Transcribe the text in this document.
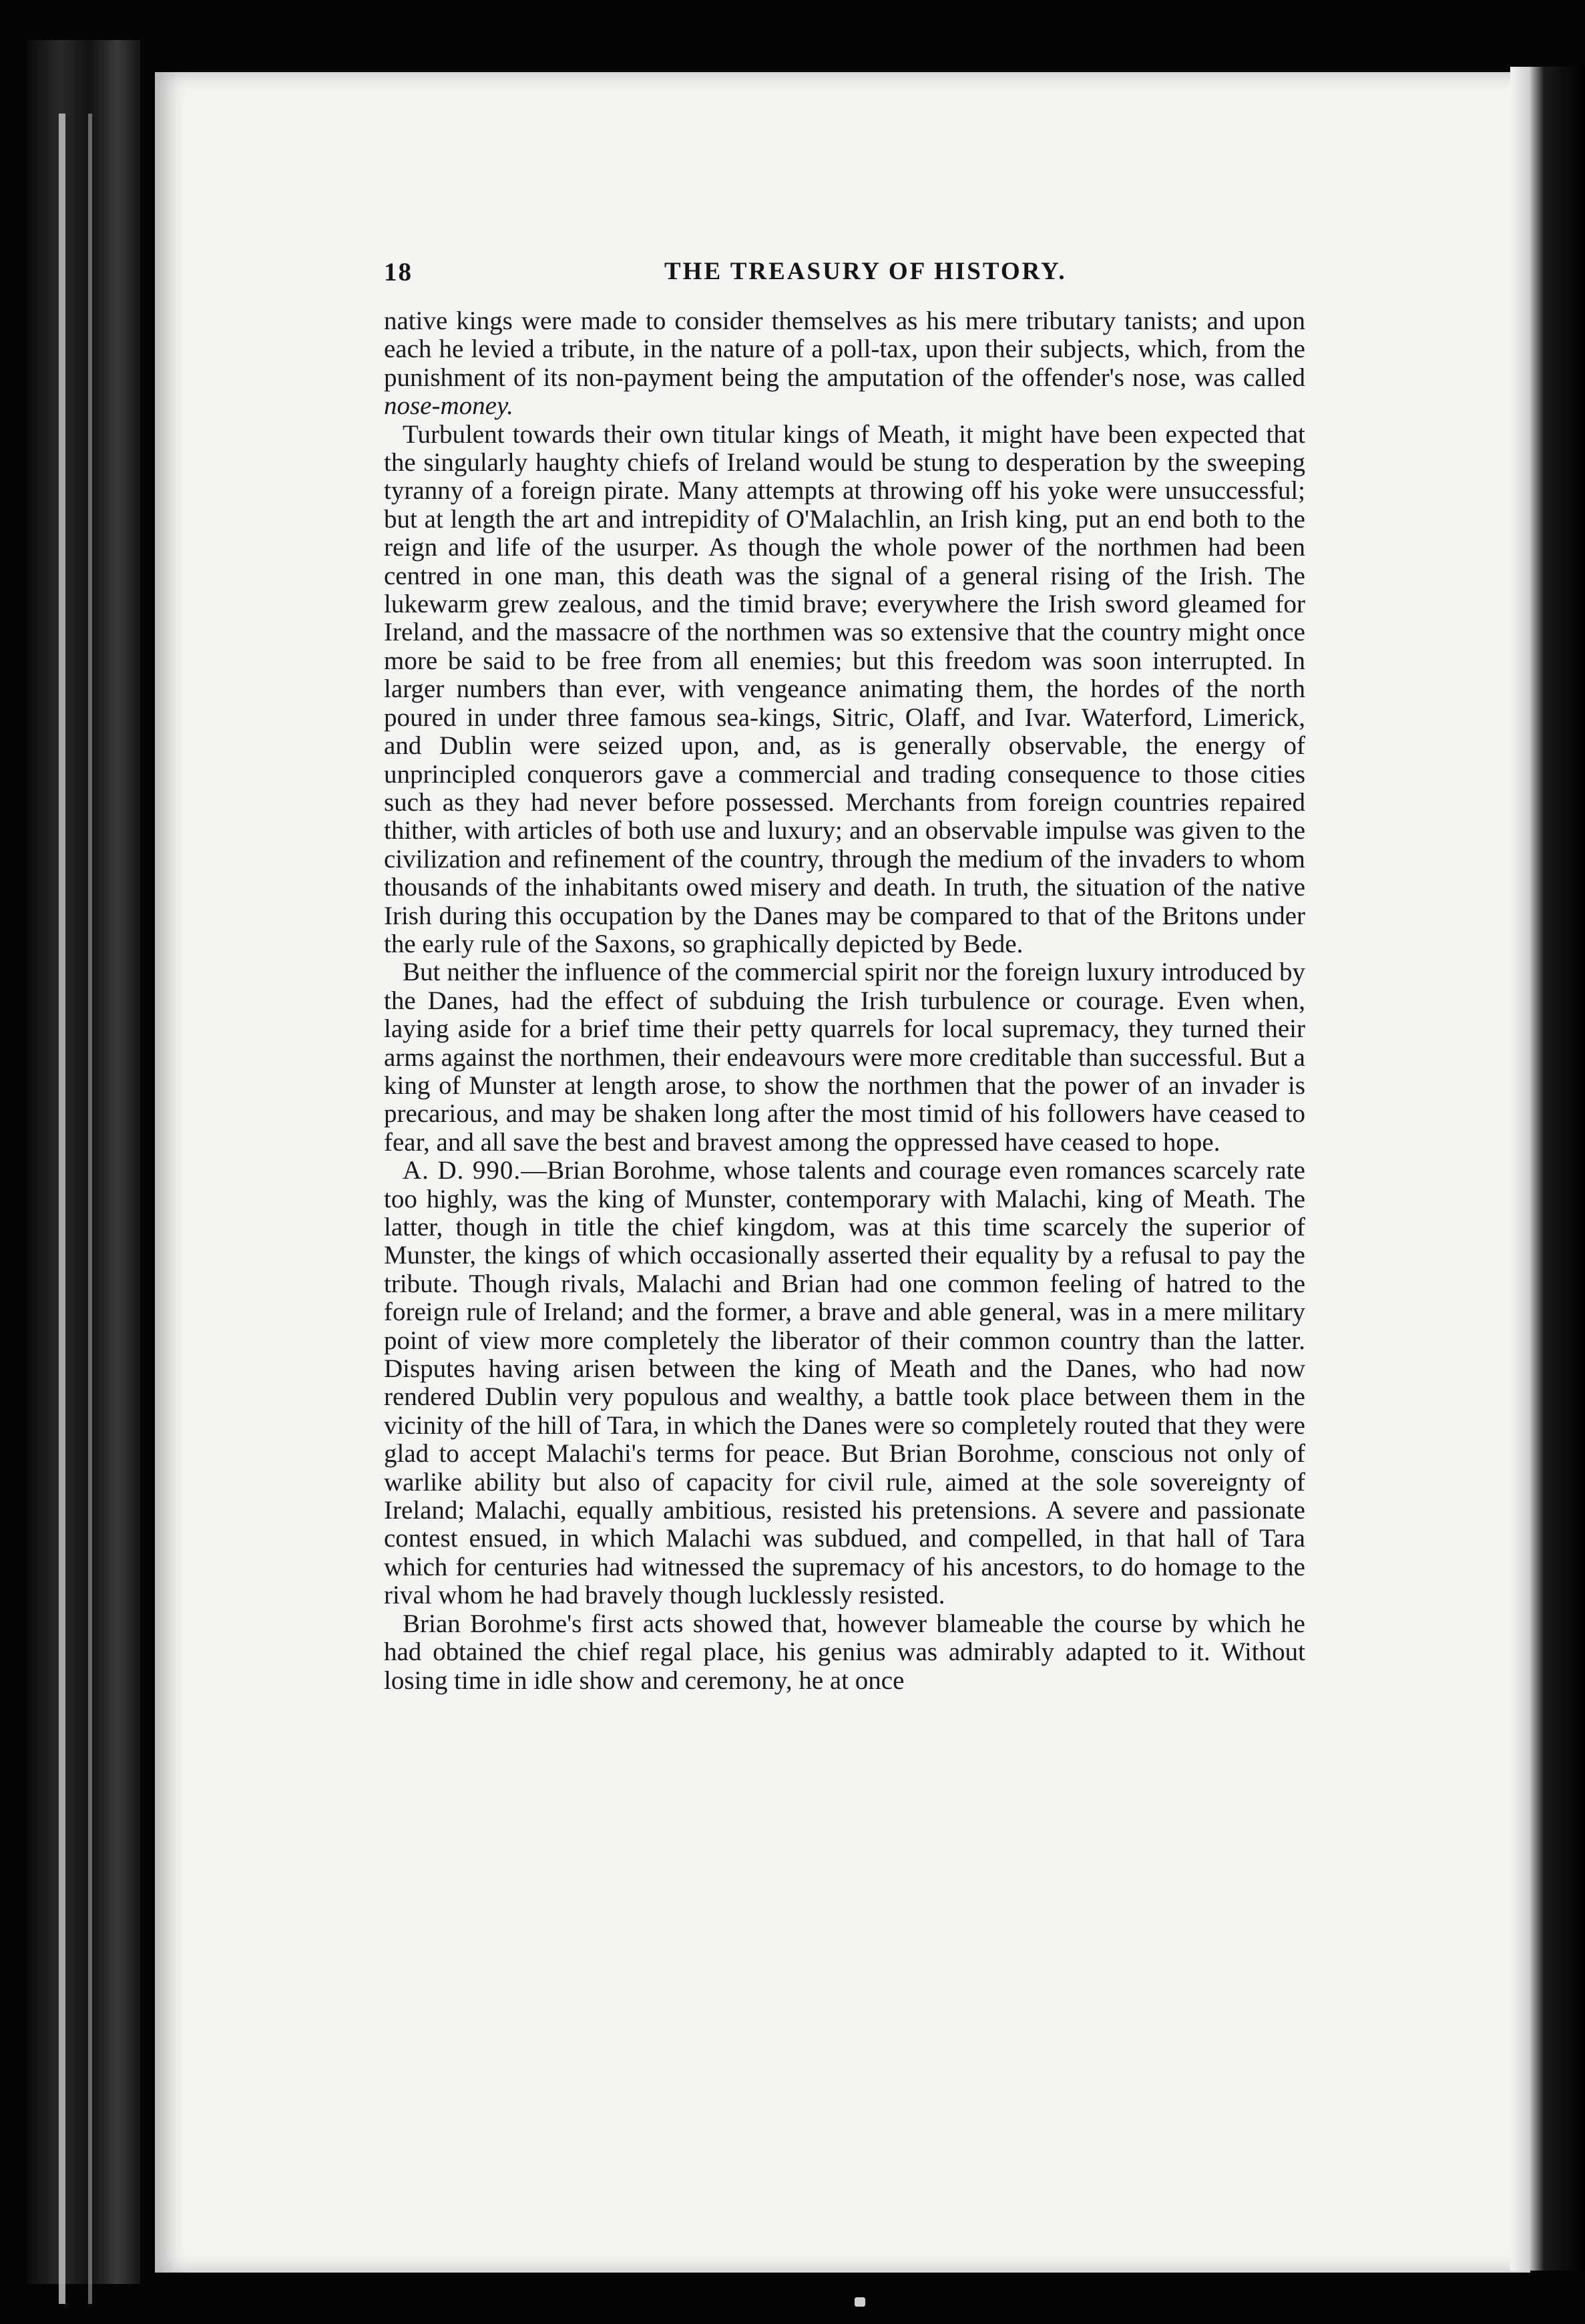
18	THE TREASURY OF HISTORY.

native kings were made to consider themselves as his mere tributary tanists; and upon each he levied a tribute, in the nature of a poll-tax, upon their subjects, which, from the punishment of its non-payment being the amputation of the offender's nose, was called nose-money.

Turbulent towards their own titular kings of Meath, it might have been expected that the singularly haughty chiefs of Ireland would be stung to desperation by the sweeping tyranny of a foreign pirate. Many attempts at throwing off his yoke were unsuccessful; but at length the art and intrepidity of O'Malachlin, an Irish king, put an end both to the reign and life of the usurper. As though the whole power of the northmen had been centred in one man, this death was the signal of a general rising of the Irish. The lukewarm grew zealous, and the timid brave; everywhere the Irish sword gleamed for Ireland, and the massacre of the northmen was so extensive that the country might once more be said to be free from all enemies; but this freedom was soon interrupted. In larger numbers than ever, with vengeance animating them, the hordes of the north poured in under three famous sea-kings, Sitric, Olaff, and Ivar. Waterford, Limerick, and Dublin were seized upon, and, as is generally observable, the energy of unprincipled conquerors gave a commercial and trading consequence to those cities such as they had never before possessed. Merchants from foreign countries repaired thither, with articles of both use and luxury; and an observable impulse was given to the civilization and refinement of the country, through the medium of the invaders to whom thousands of the inhabitants owed misery and death. In truth, the situation of the native Irish during this occupation by the Danes may be compared to that of the Britons under the early rule of the Saxons, so graphically depicted by Bede.

But neither the influence of the commercial spirit nor the foreign luxury introduced by the Danes, had the effect of subduing the Irish turbulence or courage. Even when, laying aside for a brief time their petty quarrels for local supremacy, they turned their arms against the northmen, their endeavours were more creditable than successful. But a king of Munster at length arose, to show the northmen that the power of an invader is precarious, and may be shaken long after the most timid of his followers have ceased to fear, and all save the best and bravest among the oppressed have ceased to hope.

A. D. 990.—Brian Borohme, whose talents and courage even romances scarcely rate too highly, was the king of Munster, contemporary with Malachi, king of Meath. The latter, though in title the chief kingdom, was at this time scarcely the superior of Munster, the kings of which occasionally asserted their equality by a refusal to pay the tribute. Though rivals, Malachi and Brian had one common feeling of hatred to the foreign rule of Ireland; and the former, a brave and able general, was in a mere military point of view more completely the liberator of their common country than the latter. Disputes having arisen between the king of Meath and the Danes, who had now rendered Dublin very populous and wealthy, a battle took place between them in the vicinity of the hill of Tara, in which the Danes were so completely routed that they were glad to accept Malachi's terms for peace. But Brian Borohme, conscious not only of warlike ability but also of capacity for civil rule, aimed at the sole sovereignty of Ireland; Malachi, equally ambitious, resisted his pretensions. A severe and passionate contest ensued, in which Malachi was subdued, and compelled, in that hall of Tara which for centuries had witnessed the supremacy of his ancestors, to do homage to the rival whom he had bravely though lucklessly resisted.

Brian Borohme's first acts showed that, however blameable the course by which he had obtained the chief regal place, his genius was admirably adapted to it. Without losing time in idle show and ceremony, he at once
